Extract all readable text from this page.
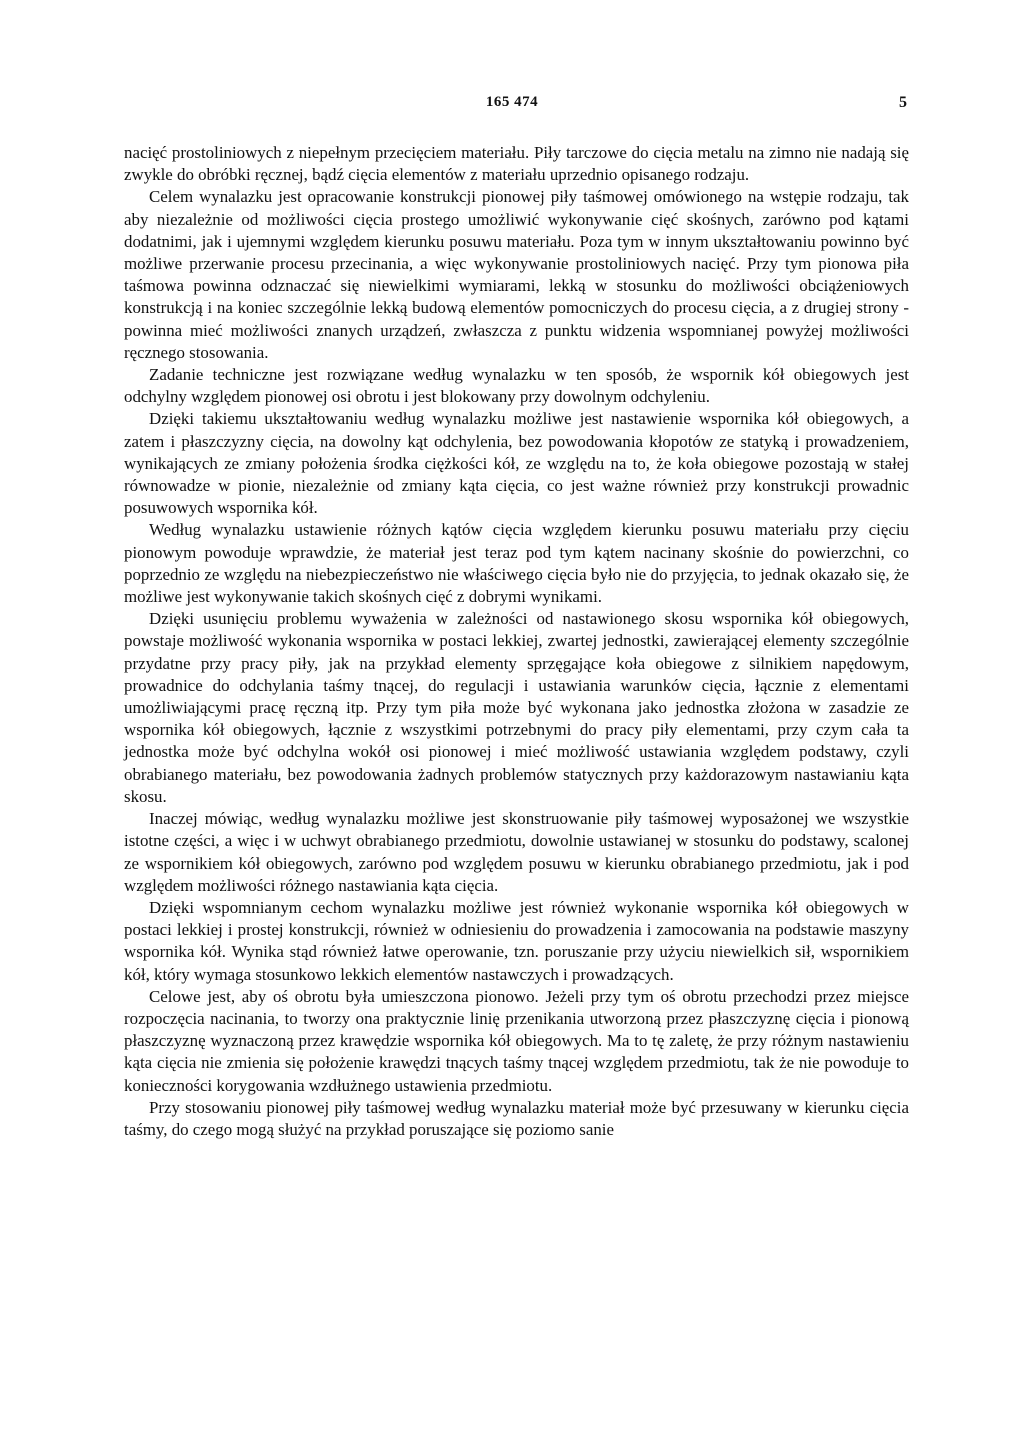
165 474	5

nacięć prostoliniowych z niepełnym przecięciem materiału. Piły tarczowe do cięcia metalu na zimno nie nadają się zwykle do obróbki ręcznej, bądź cięcia elementów z materiału uprzednio opisanego rodzaju.

Celem wynalazku jest opracowanie konstrukcji pionowej piły taśmowej omówionego na wstępie rodzaju, tak aby niezależnie od możliwości cięcia prostego umożliwić wykonywanie cięć skośnych, zarówno pod kątami dodatnimi, jak i ujemnymi względem kierunku posuwu materiału. Poza tym w innym ukształtowaniu powinno być możliwe przerwanie procesu przecinania, a więc wykonywanie prostoliniowych nacięć. Przy tym pionowa piła taśmowa powinna odznaczać się niewielkimi wymiarami, lekką w stosunku do możliwości obciążeniowych konstrukcją i na koniec szczególnie lekką budową elementów pomocniczych do procesu cięcia, a z drugiej strony - powinna mieć możliwości znanych urządzeń, zwłaszcza z punktu widzenia wspomnianej powyżej możliwości ręcznego stosowania.

Zadanie techniczne jest rozwiązane według wynalazku w ten sposób, że wspornik kół obiegowych jest odchylny względem pionowej osi obrotu i jest blokowany przy dowolnym odchyleniu.

Dzięki takiemu ukształtowaniu według wynalazku możliwe jest nastawienie wspornika kół obiegowych, a zatem i płaszczyzny cięcia, na dowolny kąt odchylenia, bez powodowania kłopotów ze statyką i prowadzeniem, wynikających ze zmiany położenia środka ciężkości kół, ze względu na to, że koła obiegowe pozostają w stałej równowadze w pionie, niezależnie od zmiany kąta cięcia, co jest ważne również przy konstrukcji prowadnic posuwowych wspornika kół.

Według wynalazku ustawienie różnych kątów cięcia względem kierunku posuwu materiału przy cięciu pionowym powoduje wprawdzie, że materiał jest teraz pod tym kątem nacinany skośnie do powierzchni, co poprzednio ze względu na niebezpieczeństwo nie właściwego cięcia było nie do przyjęcia, to jednak okazało się, że możliwe jest wykonywanie takich skośnych cięć z dobrymi wynikami.

Dzięki usunięciu problemu wyważenia w zależności od nastawionego skosu wspornika kół obiegowych, powstaje możliwość wykonania wspornika w postaci lekkiej, zwartej jednostki, zawierającej elementy szczególnie przydatne przy pracy piły, jak na przykład elementy sprzęgające koła obiegowe z silnikiem napędowym, prowadnice do odchylania taśmy tnącej, do regulacji i ustawiania warunków cięcia, łącznie z elementami umożliwiającymi pracę ręczną itp. Przy tym piła może być wykonana jako jednostka złożona w zasadzie ze wspornika kół obiegowych, łącznie z wszystkimi potrzebnymi do pracy piły elementami, przy czym cała ta jednostka może być odchylna wokół osi pionowej i mieć możliwość ustawiania względem podstawy, czyli obrabianego materiału, bez powodowania żadnych problemów statycznych przy każdorazowym nastawianiu kąta skosu.

Inaczej mówiąc, według wynalazku możliwe jest skonstruowanie piły taśmowej wyposażonej we wszystkie istotne części, a więc i w uchwyt obrabianego przedmiotu, dowolnie ustawianej w stosunku do podstawy, scalonej ze wspornikiem kół obiegowych, zarówno pod względem posuwu w kierunku obrabianego przedmiotu, jak i pod względem możliwości różnego nastawiania kąta cięcia.

Dzięki wspomnianym cechom wynalazku możliwe jest również wykonanie wspornika kół obiegowych w postaci lekkiej i prostej konstrukcji, również w odniesieniu do prowadzenia i zamocowania na podstawie maszyny wspornika kół. Wynika stąd również łatwe operowanie, tzn. poruszanie przy użyciu niewielkich sił, wspornikiem kół, który wymaga stosunkowo lekkich elementów nastawczych i prowadzących.

Celowe jest, aby oś obrotu była umieszczona pionowo. Jeżeli przy tym oś obrotu przechodzi przez miejsce rozpoczęcia nacinania, to tworzy ona praktycznie linię przenikania utworzoną przez płaszczyznę cięcia i pionową płaszczyznę wyznaczoną przez krawędzie wspornika kół obiegowych. Ma to tę zaletę, że przy różnym nastawieniu kąta cięcia nie zmienia się położenie krawędzi tnących taśmy tnącej względem przedmiotu, tak że nie powoduje to konieczności korygowania wzdłużnego ustawienia przedmiotu.

Przy stosowaniu pionowej piły taśmowej według wynalazku materiał może być przesuwany w kierunku cięcia taśmy, do czego mogą służyć na przykład poruszające się poziomo sanie
